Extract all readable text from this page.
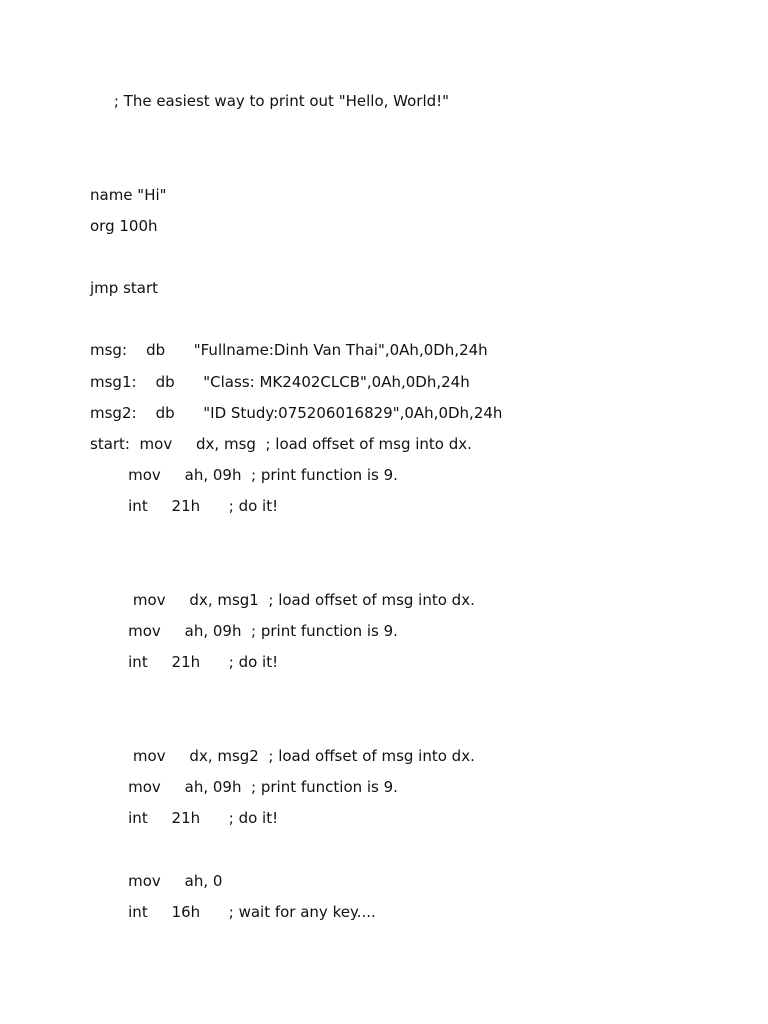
; The easiest way to print out "Hello, World!"
name "Hi"
org 100h
jmp start
msg:    db      "Fullname:Dinh Van Thai",0Ah,0Dh,24h
msg1:    db      "Class: MK2402CLCB",0Ah,0Dh,24h
msg2:    db      "ID Study:075206016829",0Ah,0Dh,24h
start:  mov     dx, msg  ; load offset of msg into dx.
mov     ah, 09h  ; print function is 9.
int     21h      ; do it!
mov     dx, msg1  ; load offset of msg into dx.
mov     ah, 09h  ; print function is 9.
int     21h      ; do it!
mov     dx, msg2  ; load offset of msg into dx.
mov     ah, 09h  ; print function is 9.
int     21h      ; do it!
mov     ah, 0
int     16h      ; wait for any key....
